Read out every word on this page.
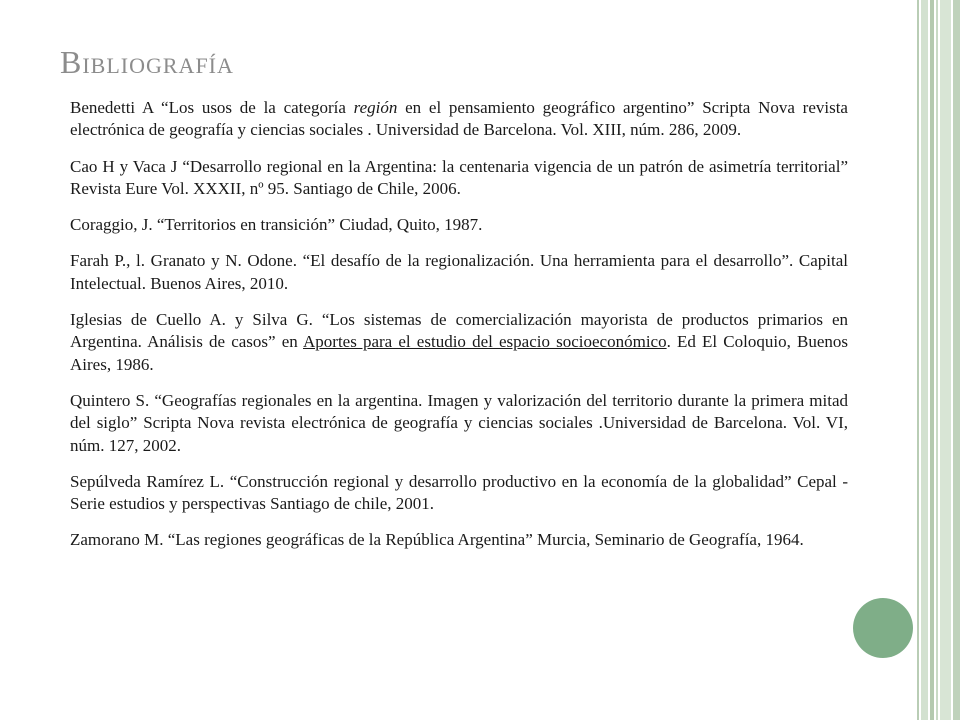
Bibliografía
Benedetti A “Los usos de la categoría región en el pensamiento geográfico argentino” Scripta Nova revista electrónica de geografía y ciencias sociales . Universidad de Barcelona. Vol. XIII, núm. 286, 2009.
Cao H y Vaca J “Desarrollo regional en la Argentina: la centenaria vigencia de un patrón de asimetría territorial” Revista Eure Vol. XXXII, nº 95. Santiago de Chile, 2006.
Coraggio, J. “Territorios en transición” Ciudad, Quito, 1987.
Farah P., l. Granato y N. Odone. “El desafío de la regionalización. Una herramienta para el desarrollo”. Capital Intelectual. Buenos Aires, 2010.
Iglesias de Cuello A. y Silva G. “Los sistemas de comercialización mayorista de productos primarios en Argentina. Análisis de casos” en Aportes para el estudio del espacio socioeconómico. Ed El Coloquio, Buenos Aires, 1986.
Quintero S. “Geografías regionales en la argentina. Imagen y valorización del territorio durante la primera mitad del siglo” Scripta Nova revista electrónica de geografía y ciencias sociales .Universidad de Barcelona. Vol. VI, núm. 127, 2002.
Sepúlveda Ramírez L. “Construcción regional y desarrollo productivo en la economía de la globalidad” Cepal - Serie estudios y perspectivas Santiago de chile, 2001.
Zamorano M. “Las regiones geográficas de la República Argentina” Murcia, Seminario de Geografía, 1964.
